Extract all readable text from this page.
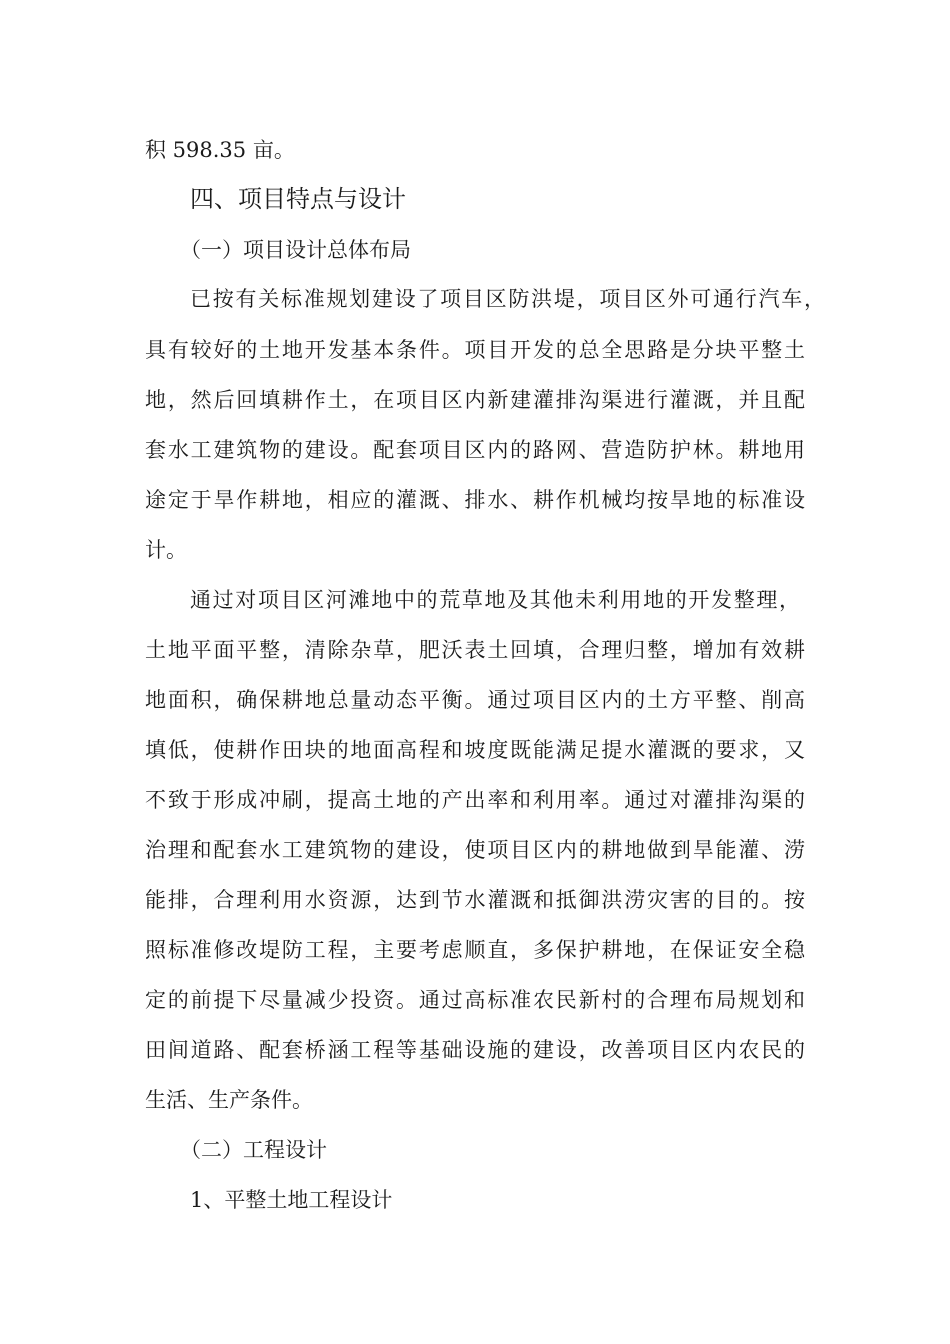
积 598.35 亩。
四、项目特点与设计
（一）项目设计总体布局
已按有关标准规划建设了项目区防洪堤，项目区外可通行汽车，
具有较好的土地开发基本条件。项目开发的总全思路是分块平整土
地，然后回填耕作土，在项目区内新建灌排沟渠进行灌溉，并且配
套水工建筑物的建设。配套项目区内的路网、营造防护林。耕地用
途定于旱作耕地，相应的灌溉、排水、耕作机械均按旱地的标准设
计。
通过对项目区河滩地中的荒草地及其他未利用地的开发整理，
土地平面平整，清除杂草，肥沃表土回填，合理归整，增加有效耕
地面积，确保耕地总量动态平衡。通过项目区内的土方平整、削高
填低，使耕作田块的地面高程和坡度既能满足提水灌溉的要求，又
不致于形成冲刷，提高土地的产出率和利用率。通过对灌排沟渠的
治理和配套水工建筑物的建设，使项目区内的耕地做到旱能灌、涝
能排，合理利用水资源，达到节水灌溉和抵御洪涝灾害的目的。按
照标准修改堤防工程，主要考虑顺直，多保护耕地，在保证安全稳
定的前提下尽量减少投资。通过高标准农民新村的合理布局规划和
田间道路、配套桥涵工程等基础设施的建设，改善项目区内农民的
生活、生产条件。
（二）工程设计
1、平整土地工程设计
